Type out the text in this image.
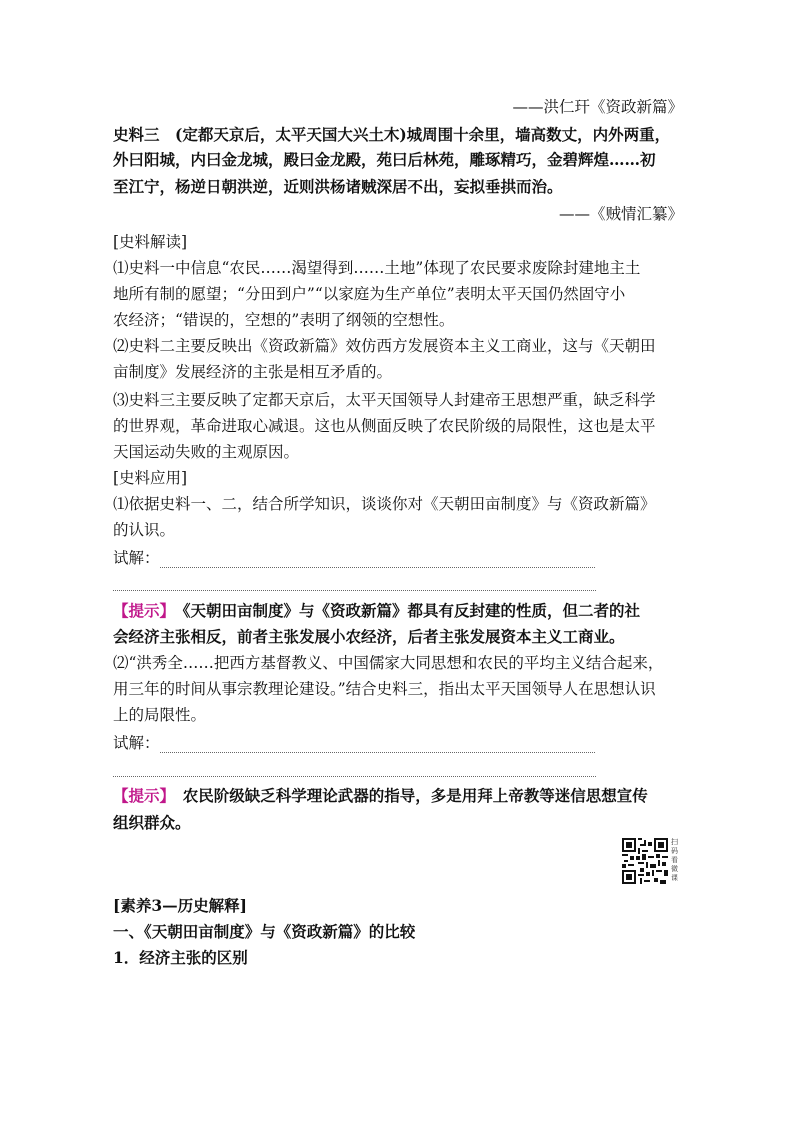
——洪仁玕《资政新篇》
史料三　(定都天京后，太平天国大兴土木)城周围十余里，墙高数丈，内外两重，
外曰阳城，内曰金龙城，殿曰金龙殿，苑曰后林苑，雕琢精巧，金碧辉煌……初
至江宁，杨逆日朝洪逆，近则洪杨诸贼深居不出，妄拟垂拱而治。
——《贼情汇纂》
[史料解读]
⑴史料一中信息“农民……渴望得到……土地”体现了农民要求废除封建地主土
地所有制的愿望；“分田到户”“以家庭为生产单位”表明太平天国仍然固守小
农经济；“错误的，空想的”表明了纲领的空想性。
⑵史料二主要反映出《资政新篇》效仿西方发展资本主义工商业，这与《天朝田
亩制度》发展经济的主张是相互矛盾的。
⑶史料三主要反映了定都天京后，太平天国领导人封建帝王思想严重，缺乏科学
的世界观，革命进取心减退。这也从侧面反映了农民阶级的局限性，这也是太平
天国运动失败的主观原因。
[史料应用]
⑴依据史料一、二，结合所学知识，谈谈你对《天朝田亩制度》与《资政新篇》
的认识。
试解：
【提示】　《天朝田亩制度》与《资政新篇》都具有反封建的性质，但二者的社
会经济主张相反，前者主张发展小农经济，后者主张发展资本主义工商业。
⑵“洪秀全……把西方基督教义、中国儒家大同思想和农民的平均主义结合起来，
用三年的时间从事宗教理论建设。”结合史料三，指出太平天国领导人在思想认识
上的局限性。
试解：
【提示】　农民阶级缺乏科学理论武器的指导，多是用拜上帝教等迷信思想宣传
组织群众。
扫码看微课
[素养3—历史解释]
一、《天朝田亩制度》与《资政新篇》的比较
1．经济主张的区别
